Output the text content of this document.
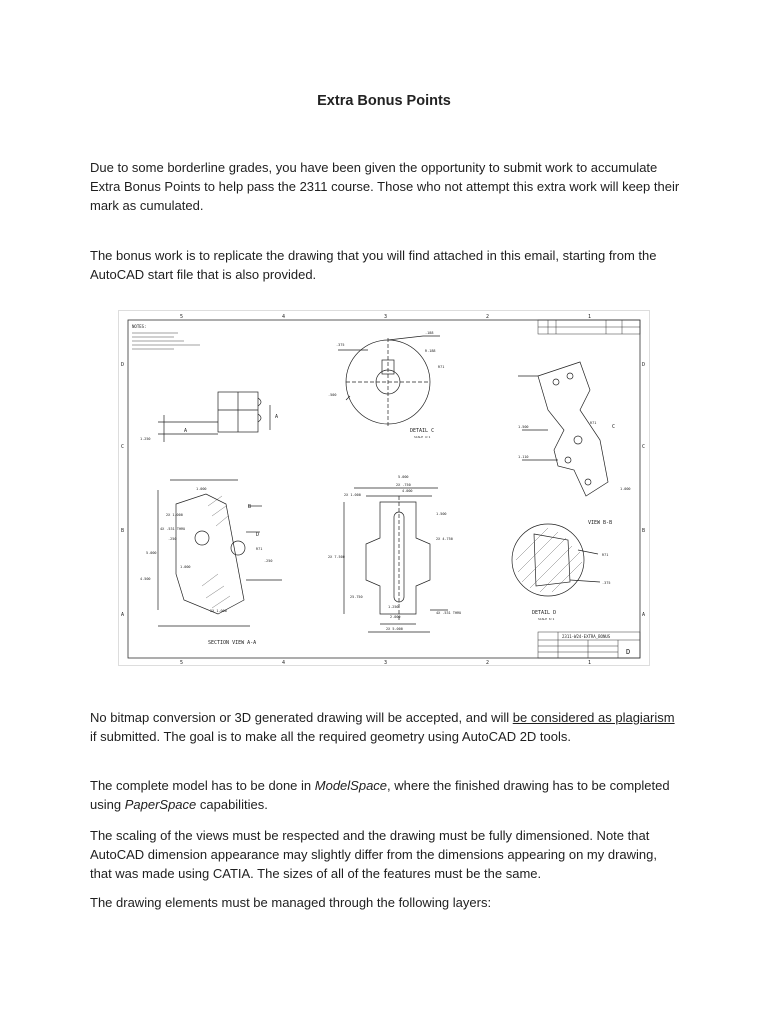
Extra Bonus Points
Due to some borderline grades, you have been given the opportunity to submit work to accumulate Extra Bonus Points to help pass the 2311 course. Those who not attempt this extra work will keep their mark as cumulated.
The bonus work is to replicate the drawing that you will find attached in this email, starting from the AutoCAD start file that is also provided.
5	4	3	2	1
5	4	3	2	1
D
C
B
A
D
C
B
A
NOTES:
A
A
1.250
.188
R.188
.375
R71
.500
DETAIL C
SCALE 4:1
1.500
1.110
R71
C
1.000
VIEW B-B
1.000
2X 1.000
4X .531 THRU
.250
5.000
4.500
1.000
2X 1.000
B
D
R71
.250
SECTION VIEW A-A
5.000
2X .750
4.000
2X 1.000
1.500
2X 7.500
2X 4.750
25.750
1.250
2.000
4X .531 THRU
2X 5.000
R71
.375
DETAIL D
SCALE 6:1
2311-W24-EXTRA_BONUS
D
No bitmap conversion or 3D generated drawing will be accepted, and will be considered as plagiarism if submitted. The goal is to make all the required geometry using AutoCAD 2D tools.
The complete model has to be done in ModelSpace, where the finished drawing has to be completed using PaperSpace capabilities.
The scaling of the views must be respected and the drawing must be fully dimensioned. Note that AutoCAD dimension appearance may slightly differ from the dimensions appearing on my drawing, that was made using CATIA. The sizes of all of the features must be the same.
The drawing elements must be managed through the following layers:
